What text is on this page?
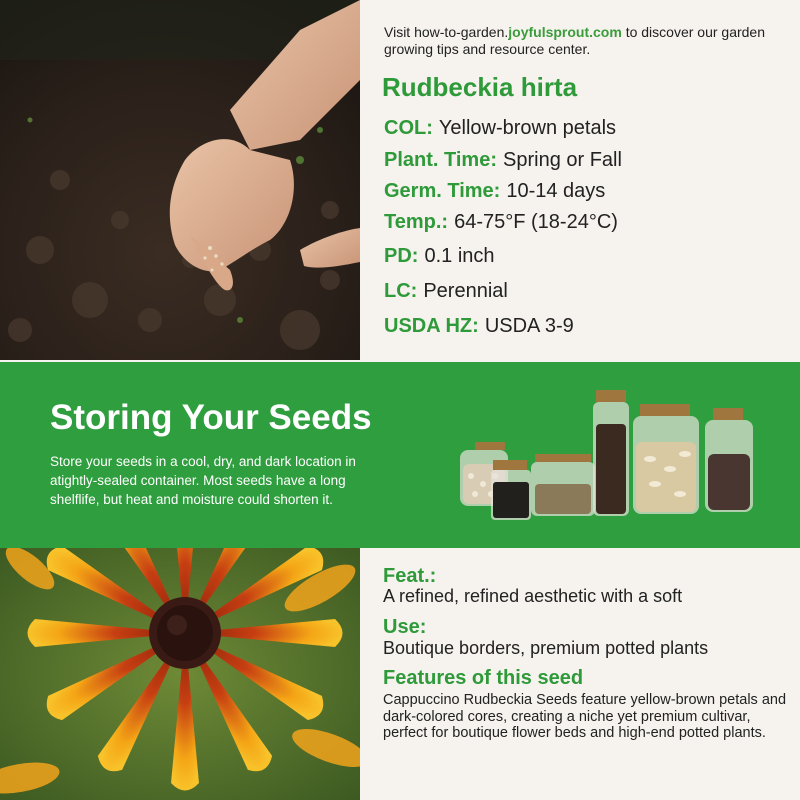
Visit how-to-garden.joyfulsprout.com to discover our garden growing tips and resource center.
Rudbeckia hirta
COL: Yellow-brown petals
Plant. Time: Spring or Fall
Germ. Time: 10-14 days
Temp.: 64-75°F (18-24°C)
PD: 0.1 inch
LC: Perennial
USDA HZ: USDA 3-9
Storing Your Seeds
Store your seeds in a cool, dry, and dark location in atightly-sealed container. Most seeds have a long shelflife, but heat and moisture could shorten it.
Feat.:
A refined, refined aesthetic with a soft
Use:
Boutique borders, premium potted plants
Features of this seed
Cappuccino Rudbeckia Seeds feature yellow-brown petals and dark-colored cores, creating a niche yet premium cultivar, perfect for boutique flower beds and high-end potted plants.
